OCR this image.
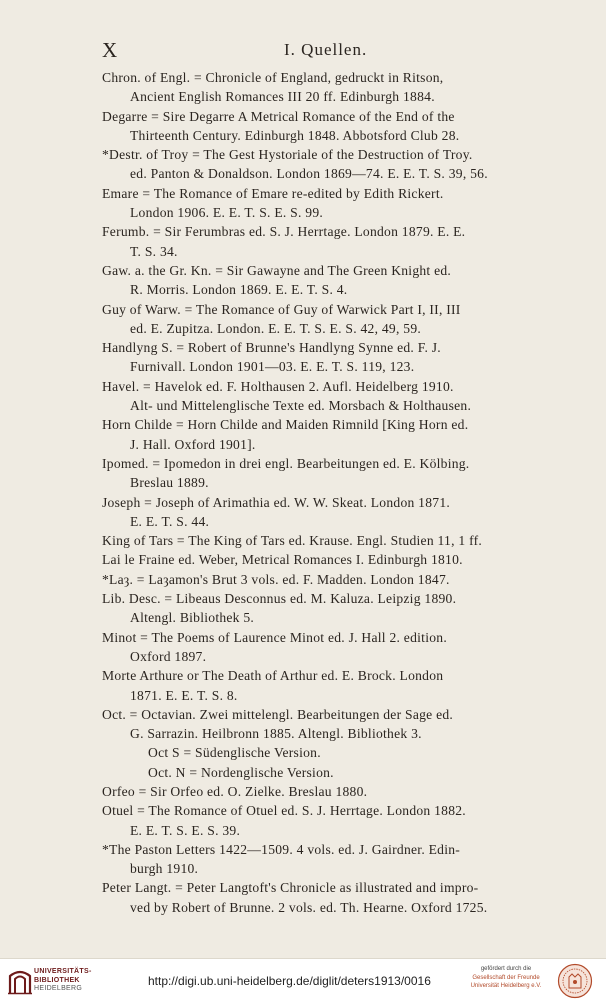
X	I. Quellen.
Chron. of Engl. = Chronicle of England, gedruckt in Ritson,
Ancient English Romances III 20 ff. Edinburgh 1884.
Degarre = Sire Degarre A Metrical Romance of the End of the
Thirteenth Century. Edinburgh 1848. Abbotsford Club 28.
*Destr. of Troy = The Gest Hystoriale of the Destruction of Troy.
ed. Panton & Donaldson. London 1869—74. E. E. T. S. 39, 56.
Emare = The Romance of Emare re-edited by Edith Rickert.
London 1906. E. E. T. S. E. S. 99.
Ferumb. = Sir Ferumbras ed. S. J. Herrtage. London 1879. E. E.
T. S. 34.
Gaw. a. the Gr. Kn. = Sir Gawayne and The Green Knight ed.
R. Morris. London 1869. E. E. T. S. 4.
Guy of Warw. = The Romance of Guy of Warwick Part I, II, III
ed. E. Zupitza. London. E. E. T. S. E. S. 42, 49, 59.
Handlyng S. = Robert of Brunne's Handlyng Synne ed. F. J.
Furnivall. London 1901—03. E. E. T. S. 119, 123.
Havel. = Havelok ed. F. Holthausen 2. Aufl. Heidelberg 1910.
Alt- und Mittelenglische Texte ed. Morsbach & Holthausen.
Horn Childe = Horn Childe and Maiden Rimnild [King Horn ed.
J. Hall. Oxford 1901].
Ipomed. = Ipomedon in drei engl. Bearbeitungen ed. E. Kölbing.
Breslau 1889.
Joseph = Joseph of Arimathia ed. W. W. Skeat. London 1871.
E. E. T. S. 44.
King of Tars = The King of Tars ed. Krause. Engl. Studien 11, 1 ff.
Lai le Fraine ed. Weber, Metrical Romances I. Edinburgh 1810.
*Laȝ. = Laȝamon's Brut 3 vols. ed. F. Madden. London 1847.
Lib. Desc. = Libeaus Desconnus ed. M. Kaluza. Leipzig 1890.
Altengl. Bibliothek 5.
Minot = The Poems of Laurence Minot ed. J. Hall 2. edition.
Oxford 1897.
Morte Arthure or The Death of Arthur ed. E. Brock. London
1871. E. E. T. S. 8.
Oct. = Octavian. Zwei mittelengl. Bearbeitungen der Sage ed.
G. Sarrazin. Heilbronn 1885. Altengl. Bibliothek 3.
Oct S = Südenglische Version.
Oct. N = Nordenglische Version.
Orfeo = Sir Orfeo ed. O. Zielke. Breslau 1880.
Otuel = The Romance of Otuel ed. S. J. Herrtage. London 1882.
E. E. T. S. E. S. 39.
*The Paston Letters 1422—1509. 4 vols. ed. J. Gairdner. Edin-
burgh 1910.
Peter Langt. = Peter Langtoft's Chronicle as illustrated and impro-
ved by Robert of Brunne. 2 vols. ed. Th. Hearne. Oxford 1725.
UNIVERSITÄTS-
BIBLIOTHEK
HEIDELBERG
http://digi.ub.uni-heidelberg.de/diglit/deters1913/0016
gefördert durch die
Gesellschaft der Freunde
Universität Heidelberg e.V.
